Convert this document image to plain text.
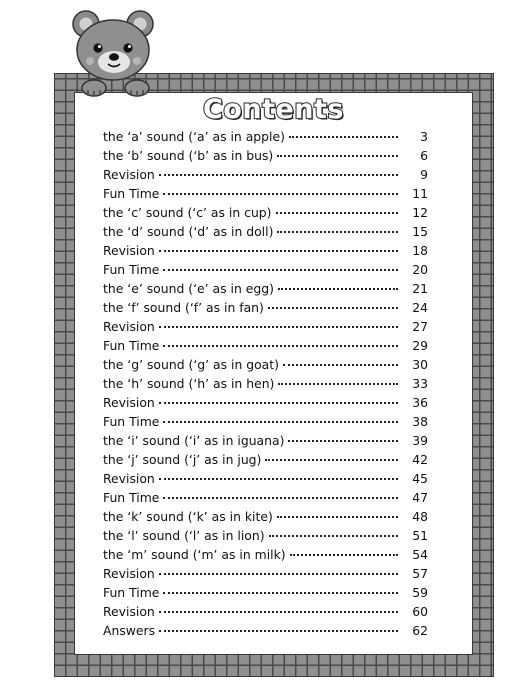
Contents
the ‘a’ sound (‘a’ as in apple)	3
the ‘b’ sound (‘b’ as in bus)	6
Revision	9
Fun Time	11
the ‘c’ sound (‘c’ as in cup)	12
the ‘d’ sound (‘d’ as in doll)	15
Revision	18
Fun Time	20
the ‘e’ sound (‘e’ as in egg)	21
the ‘f’ sound (‘f’ as in fan)	24
Revision	27
Fun Time	29
the ‘g’ sound (‘g’ as in goat)	30
the ‘h’ sound (‘h’ as in hen)	33
Revision	36
Fun Time	38
the ‘i’ sound (‘i’ as in iguana)	39
the ‘j’ sound (‘j’ as in jug)	42
Revision	45
Fun Time	47
the ‘k’ sound (‘k’ as in kite)	48
the ‘l’ sound (‘l’ as in lion)	51
the ‘m’ sound (‘m’ as in milk)	54
Revision	57
Fun Time	59
Revision	60
Answers	62
